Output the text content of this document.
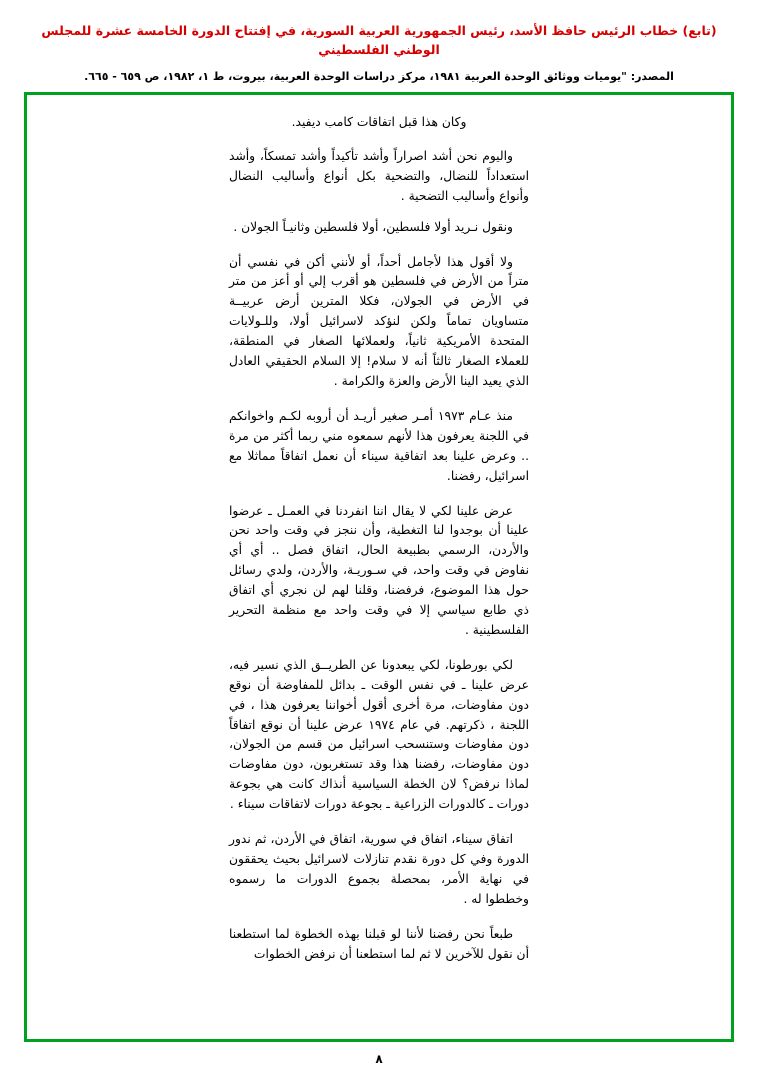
(تابع) خطاب الرئيس حافظ الأسد، رئيس الجمهورية العربية السورية، في إفتتاح الدورة الخامسة عشرة للمجلس الوطني الفلسطيني
المصدر: "يوميات ووثائق الوحدة العربية ١٩٨١، مركز دراسات الوحدة العربية، بيروت، ط ١، ١٩٨٢، ص ٦٥٩ - ٦٦٥.

وكان هذا قبل اتفاقات كامب ديفيد.

واليوم نحن أشد اصراراً وأشد تأكيداً وأشد تمسكاً، وأشد استعداداً للنضال، والتضحية بكل أنواع وأساليب النضال وأنواع وأساليب التضحية .

ونقول نـريد أولا فلسطين، أولا فلسطين وثانيـاً الجولان .

ولا أقول هذا لأجامل أحداً، أو لأنني أكن في نفسي أن متراً من الأرض في فلسطين هو أقرب إلي أو أعز من متر في الأرض في الجولان، فكلا المترين أرض عربيــة متساويان تماماً ولكن لنؤكد لاسرائيل أولا، وللـولايات المتحدة الأمريكية ثانياً، ولعملائها الصغار في المنطقة، للعملاء الصغار ثالثاً أنه لا سلام! إلا السلام الحقيقي العادل الذي يعيد الينا الأرض والعزة والكرامة .

منذ عـام ١٩٧٣ أمـر صغير أريـد أن أروبه لكـم واخوانكم في اللجنة يعرفون هذا لأنهم سمعوه مني ربما أكثر من مرة .. وعرض علينا بعد اتفاقية سيناء أن نعمل اتفاقاً مماثلا مع اسرائيل، رفضنا.

عرض علينا لكي لا يقال اننا انفردنا في العمـل ـ عرضوا علينا أن بوجدوا لنا التغطية، وأن ننجز في وقت واحد نحن والأردن، الرسمي بطبيعة الحال، اتفاق فصل .. أي أي نفاوض في وقت واحد، في سـوريـة، والأردن، ولدي رسائل حول هذا الموضوع، فرفضنا، وقلنا لهم لن نجري أي اتفاق ذي طابع سياسي إلا في وقت واحد مع منظمة التحرير الفلسطينية .

لكي بورطونا، لكي يبعدونا عن الطريــق الذي نسير فيه، عرض علينا ـ في نفس الوقت ـ بدائل للمفاوضة أن نوقع دون مفاوضات، مرة أخرى أقول أخواننا يعرفون هذا ، في اللجنة ، ذكرتهم. في عام ١٩٧٤ عرض علينا أن نوقع اتفاقاً دون مفاوضات وستنسحب اسرائيل من قسم من الجولان، دون مفاوضات، رفضنا هذا وقد تستغربون، دون مفاوضات لماذا نرفض؟ لان الخطة السياسية أنذاك كانت هي بجوعة دورات ـ كالدورات الزراعية ـ بجوعة دورات لاتفاقات سيناء .

اتفاق سيناء، اتفاق في سورية، اتفاق في الأردن، ثم ندور الدورة وفي كل دورة نقدم تنازلات لاسرائيل بحيث يحققون في نهاية الأمر، بمحصلة بجموع الدورات ما رسموه وخططوا له .

طبعاً نحن رفضنا لأننا لو قبلنا بهذه الخطوة لما استطعنا أن نقول للآخرين لا ثم لما استطعنا أن نرفض الخطوات

٨
